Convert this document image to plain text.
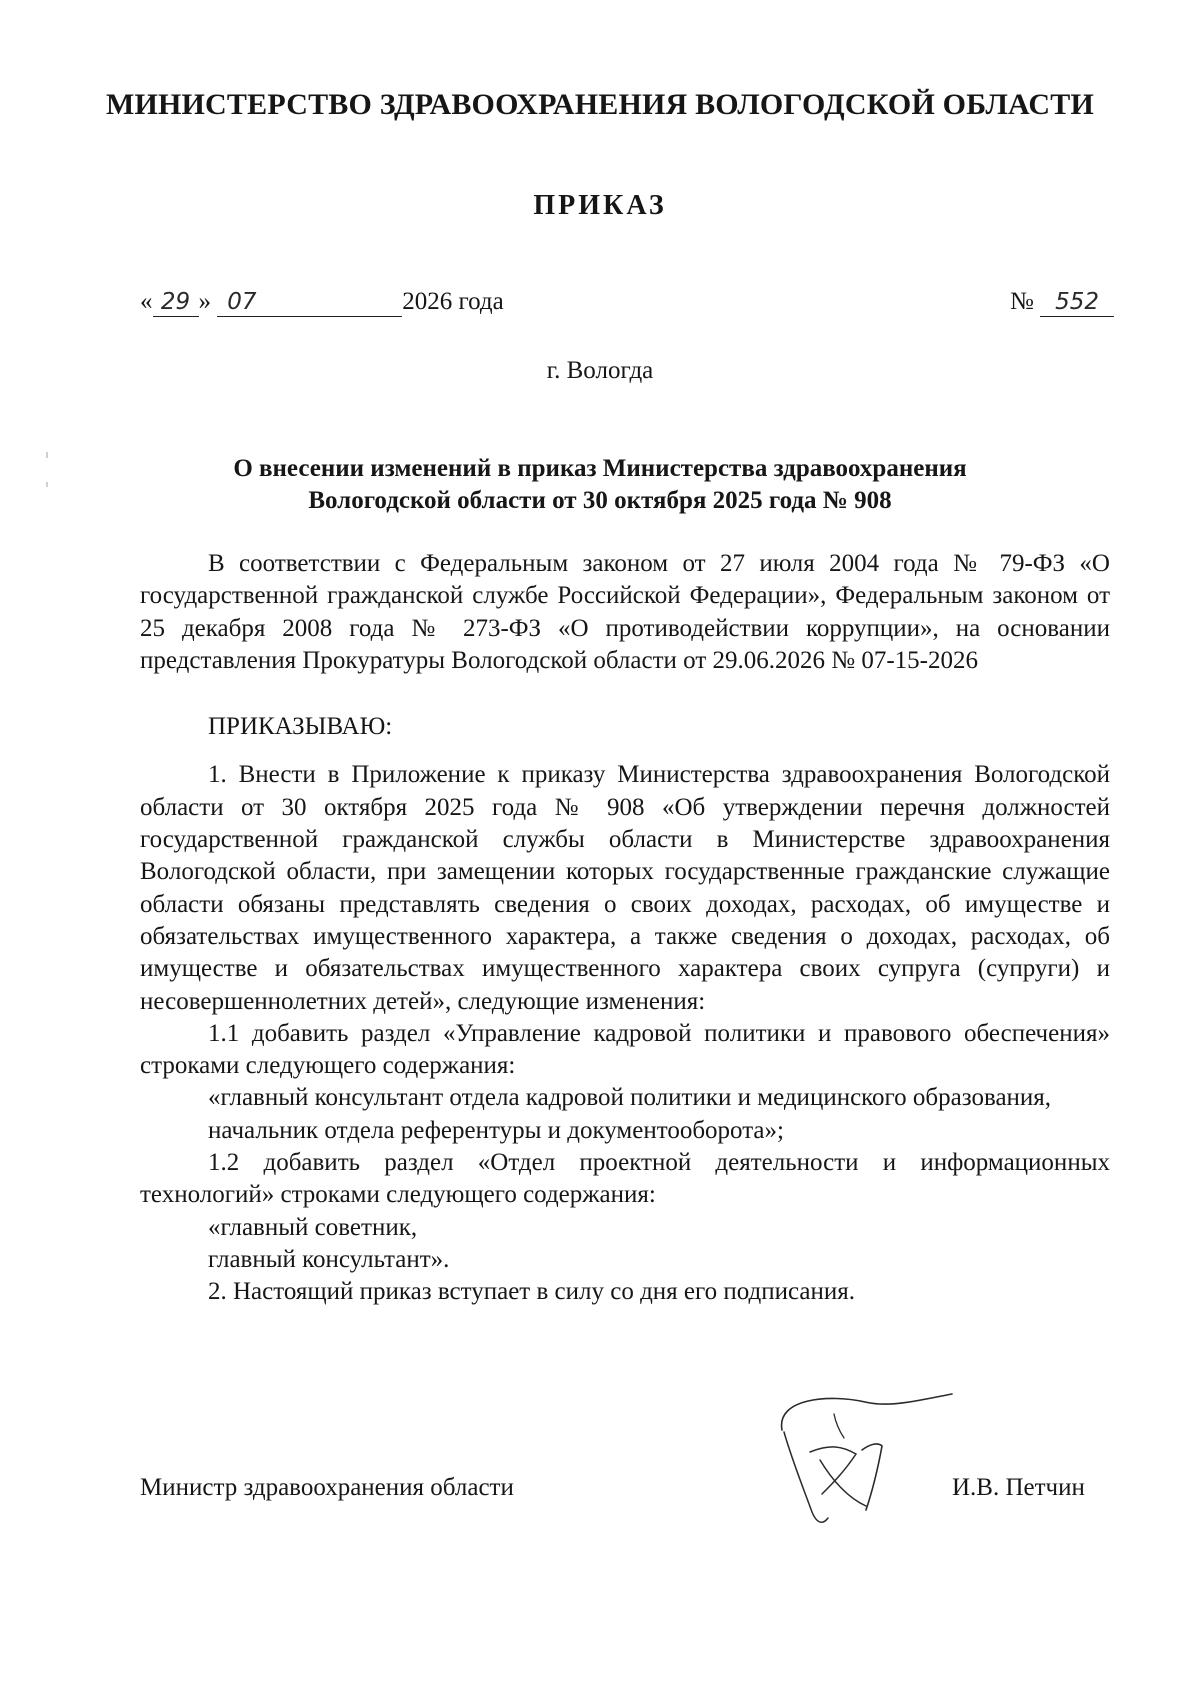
МИНИСТЕРСТВО ЗДРАВООХРАНЕНИЯ ВОЛОГОДСКОЙ ОБЛАСТИ
ПРИКАЗ
« 29 » 07	2026 года	№ 552
г. Вологда
О внесении изменений в приказ Министерства здравоохранения
Вологодской области от 30 октября 2025 года № 908

В соответствии с Федеральным законом от 27 июля 2004 года № 79-ФЗ «О государственной гражданской службе Российской Федерации», Федеральным законом от 25 декабря 2008 года № 273-ФЗ «О противодействии коррупции», на основании представления Прокуратуры Вологодской области от 29.06.2026 № 07-15-2026

ПРИКАЗЫВАЮ:

1. Внести в Приложение к приказу Министерства здравоохранения Вологодской области от 30 октября 2025 года № 908 «Об утверждении перечня должностей государственной гражданской службы области в Министерстве здравоохранения Вологодской области, при замещении которых государственные гражданские служащие области обязаны представлять сведения о своих доходах, расходах, об имуществе и обязательствах имущественного характера, а также сведения о доходах, расходах, об имуществе и обязательствах имущественного характера своих супруга (супруги) и несовершеннолетних детей», следующие изменения:

1.1 добавить раздел «Управление кадровой политики и правового обеспечения» строками следующего содержания:

«главный консультант отдела кадровой политики и медицинского образования,

начальник отдела референтуры и документооборота»;

1.2 добавить раздел «Отдел проектной деятельности и информационных технологий» строками следующего содержания:

«главный советник,

главный консультант».

2. Настоящий приказ вступает в силу со дня его подписания.

Министр здравоохранения области	И.В. Петчин
